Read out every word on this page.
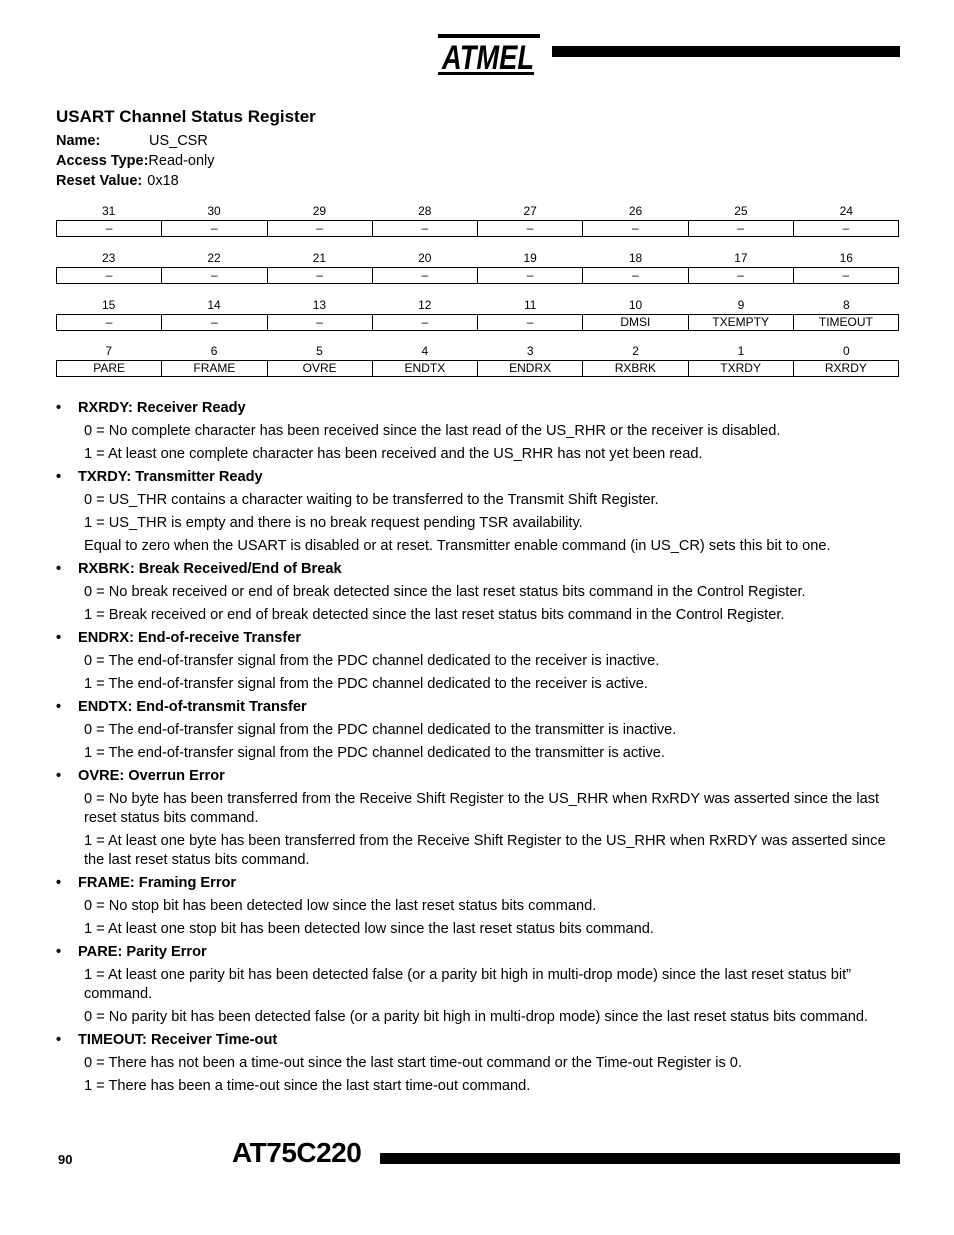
ATMEL
USART Channel Status Register
Name:	US_CSR
Access Type:Read-only
Reset Value: 0x18
31	30	29	28	27	26	25	24
–	–	–	–	–	–	–	–
23	22	21	20	19	18	17	16
–	–	–	–	–	–	–	–
15	14	13	12	11	10	9	8
–	–	–	–	–	DMSI	TXEMPTY	TIMEOUT
7	6	5	4	3	2	1	0
PARE	FRAME	OVRE	ENDTX	ENDRX	RXBRK	TXRDY	RXRDY
• RXRDY: Receiver Ready
0 = No complete character has been received since the last read of the US_RHR or the receiver is disabled.
1 = At least one complete character has been received and the US_RHR has not yet been read.
• TXRDY: Transmitter Ready
0 = US_THR contains a character waiting to be transferred to the Transmit Shift Register.
1 = US_THR is empty and there is no break request pending TSR availability.
Equal to zero when the USART is disabled or at reset. Transmitter enable command (in US_CR) sets this bit to one.
• RXBRK: Break Received/End of Break
0 = No break received or end of break detected since the last reset status bits command in the Control Register.
1 = Break received or end of break detected since the last reset status bits command in the Control Register.
• ENDRX: End-of-receive Transfer
0 = The end-of-transfer signal from the PDC channel dedicated to the receiver is inactive.
1 = The end-of-transfer signal from the PDC channel dedicated to the receiver is active.
• ENDTX: End-of-transmit Transfer
0 = The end-of-transfer signal from the PDC channel dedicated to the transmitter is inactive.
1 = The end-of-transfer signal from the PDC channel dedicated to the transmitter is active.
• OVRE: Overrun Error
0 = No byte has been transferred from the Receive Shift Register to the US_RHR when RxRDY was asserted since the last reset status bits command.
1 = At least one byte has been transferred from the Receive Shift Register to the US_RHR when RxRDY was asserted since the last reset status bits command.
• FRAME: Framing Error
0 = No stop bit has been detected low since the last reset status bits command.
1 = At least one stop bit has been detected low since the last reset status bits command.
• PARE: Parity Error
1 = At least one parity bit has been detected false (or a parity bit high in multi-drop mode) since the last reset status bit” command.
0 = No parity bit has been detected false (or a parity bit high in multi-drop mode) since the last reset status bits command.
• TIMEOUT: Receiver Time-out
0 = There has not been a time-out since the last start time-out command or the Time-out Register is 0.
1 = There has been a time-out since the last start time-out command.
90	AT75C220
